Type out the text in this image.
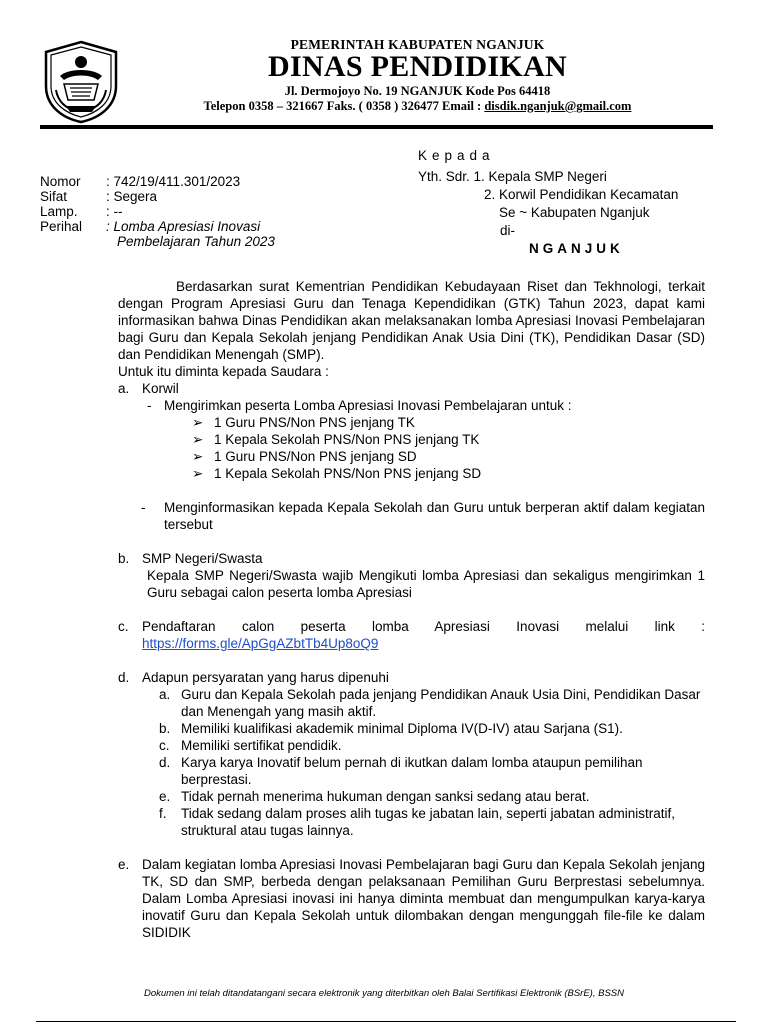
PEMERINTAH KABUPATEN NGANJUK
DINAS PENDIDIKAN
Jl. Dermojoyo No. 19 NGANJUK Kode Pos 64418
Telepon 0358 – 321667 Faks. ( 0358 ) 326477 Email : disdik.nganjuk@gmail.com
Nomor : 742/19/411.301/2023
Sifat	: Segera
Lamp. : --
Perihal : Lomba Apresiasi Inovasi
Pembelajaran Tahun 2023
Kepada
Yth. Sdr. 1. Kepala SMP Negeri
2. Korwil Pendidikan Kecamatan
Se ~ Kabupaten Nganjuk
di-
NGANJUK
Berdasarkan surat Kementrian Pendidikan Kebudayaan Riset dan Tekhnologi, terkait dengan Program Apresiasi Guru dan Tenaga Kependidikan (GTK) Tahun 2023, dapat kami informasikan bahwa Dinas Pendidikan akan melaksanakan lomba Apresiasi Inovasi Pembelajaran bagi Guru dan Kepala Sekolah jenjang Pendidikan Anak Usia Dini (TK), Pendidikan Dasar (SD) dan Pendidikan Menengah (SMP).
Untuk itu diminta kepada Saudara :
a. Korwil
- Mengirimkan peserta Lomba Apresiasi Inovasi Pembelajaran untuk :
➢ 1 Guru PNS/Non PNS jenjang TK
➢ 1 Kepala Sekolah PNS/Non PNS jenjang TK
➢ 1 Guru PNS/Non PNS jenjang SD
➢ 1 Kepala Sekolah PNS/Non PNS jenjang SD
- Menginformasikan kepada Kepala Sekolah dan Guru untuk berperan aktif dalam kegiatan tersebut
b. SMP Negeri/Swasta
Kepala SMP Negeri/Swasta wajib Mengikuti lomba Apresiasi dan sekaligus mengirimkan 1 Guru sebagai calon peserta lomba Apresiasi
c. Pendaftaran calon peserta lomba Apresiasi Inovasi melalui link :
https://forms.gle/ApGgAZbtTb4Up8oQ9
d. Adapun persyaratan yang harus dipenuhi
a. Guru dan Kepala Sekolah pada jenjang Pendidikan Anauk Usia Dini, Pendidikan Dasar dan Menengah yang masih aktif.
b. Memiliki kualifikasi akademik minimal Diploma IV(D-IV) atau Sarjana (S1).
c. Memiliki sertifikat pendidik.
d. Karya karya Inovatif belum pernah di ikutkan dalam lomba ataupun pemilihan berprestasi.
e. Tidak pernah menerima hukuman dengan sanksi sedang atau berat.
f. Tidak sedang dalam proses alih tugas ke jabatan lain, seperti jabatan administratif, struktural atau tugas lainnya.
e. Dalam kegiatan lomba Apresiasi Inovasi Pembelajaran bagi Guru dan Kepala Sekolah jenjang TK, SD dan SMP, berbeda dengan pelaksanaan Pemilihan Guru Berprestasi sebelumnya. Dalam Lomba Apresiasi inovasi ini hanya diminta membuat dan mengumpulkan karya-karya inovatif Guru dan Kepala Sekolah untuk dilombakan dengan mengunggah file-file ke dalam SIDIDIK
Dokumen ini telah ditandatangani secara elektronik yang diterbitkan oleh Balai Sertifikasi Elektronik (BSrE), BSSN
